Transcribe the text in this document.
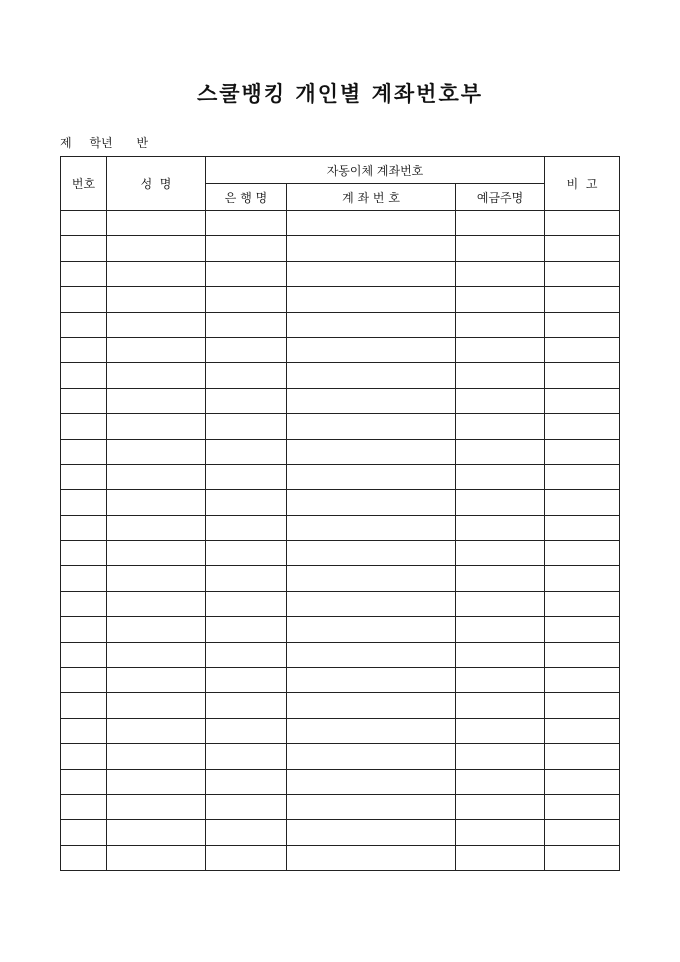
스쿨뱅킹 개인별 계좌번호부
제 학년 반
번호	성  명	자동이체 계좌번호			비  고
		은 행 명	계 좌 번 호	예금주명	
